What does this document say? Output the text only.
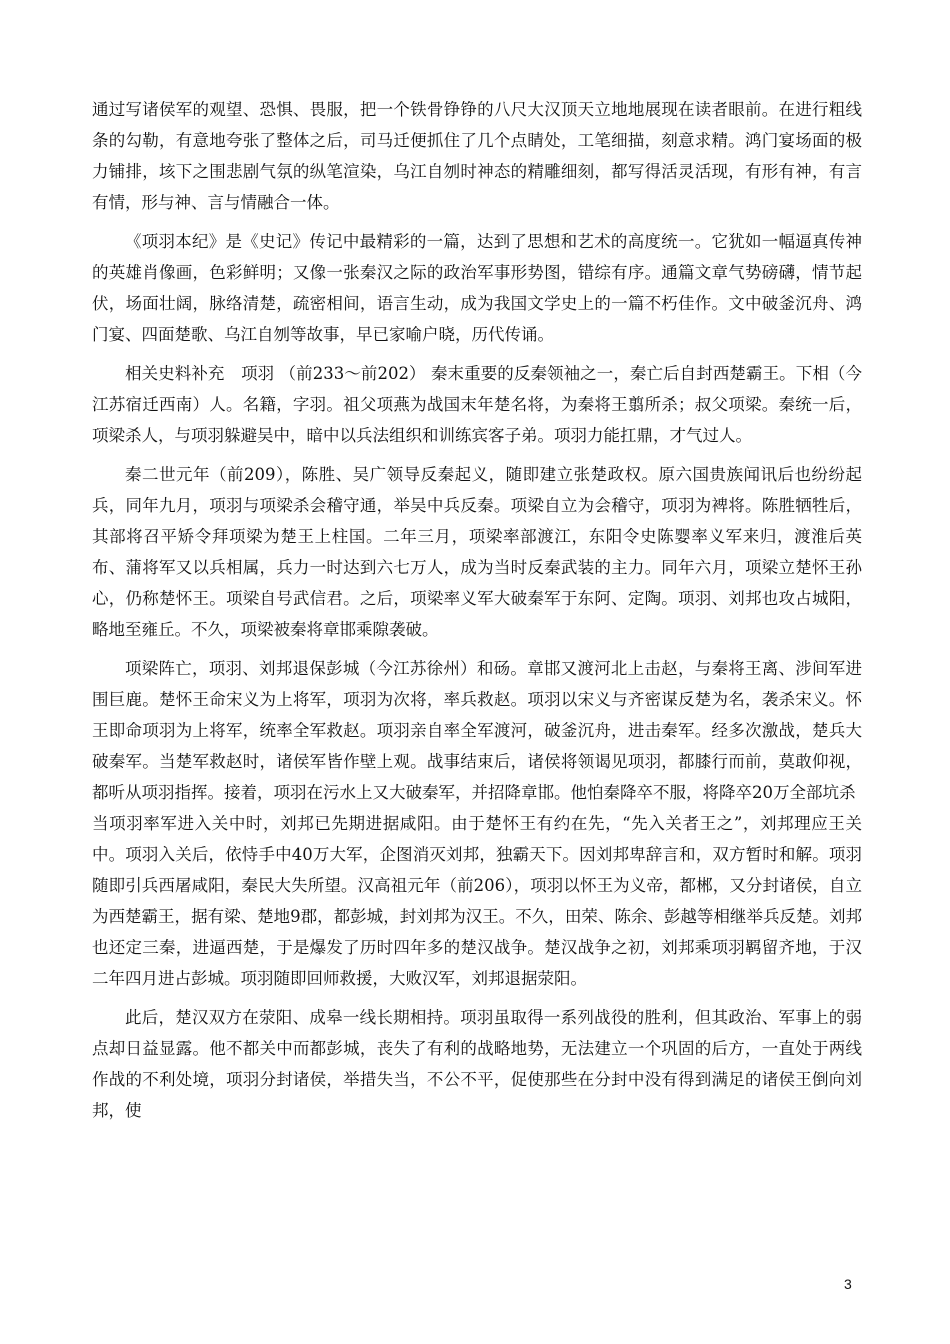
通过写诸侯军的观望、恐惧、畏服，把一个铁骨铮铮的八尺大汉顶天立地地展现在读者眼前。在进行粗线条的勾勒，有意地夸张了整体之后，司马迁便抓住了几个点睛处，工笔细描，刻意求精。鸿门宴场面的极力铺排，垓下之围悲剧气氛的纵笔渲染，乌江自刎时神态的精雕细刻，都写得活灵活现，有形有神，有言有情，形与神、言与情融合一体。

《项羽本纪》是《史记》传记中最精彩的一篇，达到了思想和艺术的高度统一。它犹如一幅逼真传神的英雄肖像画，色彩鲜明；又像一张秦汉之际的政治军事形势图，错综有序。通篇文章气势磅礴，情节起伏，场面壮阔，脉络清楚，疏密相间，语言生动，成为我国文学史上的一篇不朽佳作。文中破釜沉舟、鸿门宴、四面楚歌、乌江自刎等故事，早已家喻户晓，历代传诵。

相关史料补充　项羽 （前233～前202） 秦末重要的反秦领袖之一，秦亡后自封西楚霸王。下相（今江苏宿迁西南）人。名籍，字羽。祖父项燕为战国末年楚名将，为秦将王翦所杀；叔父项梁。秦统一后，项梁杀人，与项羽躲避吴中，暗中以兵法组织和训练宾客子弟。项羽力能扛鼎，才气过人。

秦二世元年（前209），陈胜、吴广领导反秦起义，随即建立张楚政权。原六国贵族闻讯后也纷纷起兵，同年九月，项羽与项梁杀会稽守通，举吴中兵反秦。项梁自立为会稽守，项羽为裨将。陈胜牺牲后，其部将召平矫令拜项梁为楚王上柱国。二年三月，项梁率部渡江，东阳令史陈婴率义军来归，渡淮后英布、蒲将军又以兵相属，兵力一时达到六七万人，成为当时反秦武装的主力。同年六月，项梁立楚怀王孙心，仍称楚怀王。项梁自号武信君。之后，项梁率义军大破秦军于东阿、定陶。项羽、刘邦也攻占城阳，略地至雍丘。不久，项梁被秦将章邯乘隙袭破。

项梁阵亡，项羽、刘邦退保彭城（今江苏徐州）和砀。章邯又渡河北上击赵，与秦将王离、涉间军进围巨鹿。楚怀王命宋义为上将军，项羽为次将，率兵救赵。项羽以宋义与齐密谋反楚为名，袭杀宋义。怀王即命项羽为上将军，统率全军救赵。项羽亲自率全军渡河，破釜沉舟，进击秦军。经多次激战，楚兵大破秦军。当楚军救赵时，诸侯军皆作壁上观。战事结束后，诸侯将领谒见项羽，都膝行而前，莫敢仰视，都听从项羽指挥。接着，项羽在污水上又大破秦军，并招降章邯。他怕秦降卒不服，将降卒20万全部坑杀

当项羽率军进入关中时，刘邦已先期进据咸阳。由于楚怀王有约在先，“先入关者王之”，刘邦理应王关中。项羽入关后，依恃手中40万大军，企图消灭刘邦，独霸天下。因刘邦卑辞言和，双方暂时和解。项羽随即引兵西屠咸阳，秦民大失所望。汉高祖元年（前206），项羽以怀王为义帝，都郴，又分封诸侯，自立为西楚霸王，据有梁、楚地9郡，都彭城，封刘邦为汉王。不久，田荣、陈余、彭越等相继举兵反楚。刘邦也还定三秦，进逼西楚，于是爆发了历时四年多的楚汉战争。楚汉战争之初，刘邦乘项羽羁留齐地，于汉二年四月进占彭城。项羽随即回师救援，大败汉军，刘邦退据荥阳。

此后，楚汉双方在荥阳、成皋一线长期相持。项羽虽取得一系列战役的胜利，但其政治、军事上的弱点却日益显露。他不都关中而都彭城，丧失了有利的战略地势，无法建立一个巩固的后方，一直处于两线作战的不利处境，项羽分封诸侯，举措失当，不公不平，促使那些在分封中没有得到满足的诸侯王倒向刘邦，使

3
